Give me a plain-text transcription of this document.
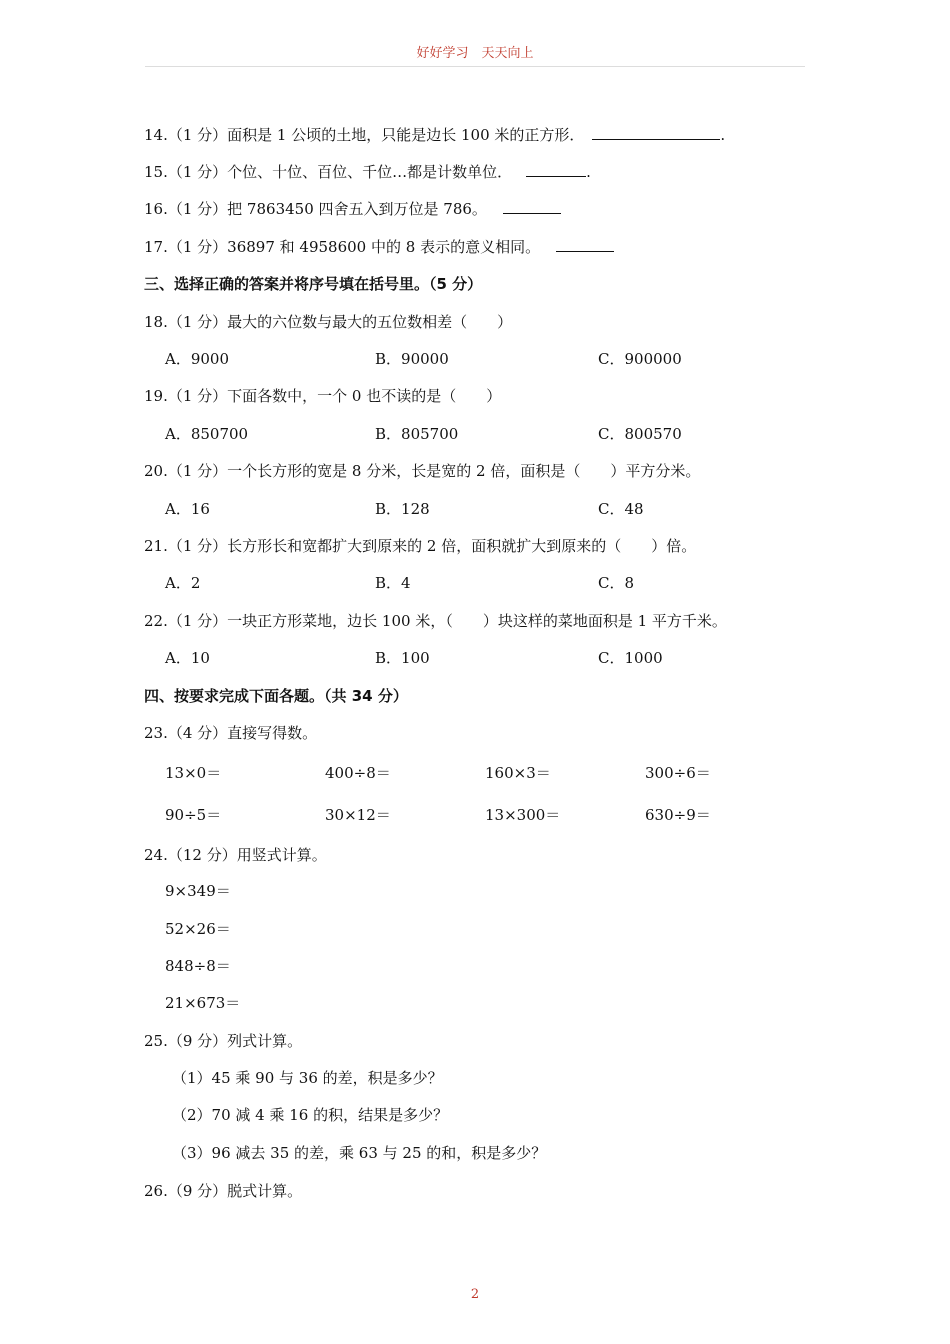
好好学习　天天向上
14.（1 分）面积是 1 公顷的土地，只能是边长 100 米的正方形．	.
15.（1 分）个位、十位、百位、千位…都是计数单位．	.
16.（1 分）把 7863450 四舍五入到万位是 786。
17.（1 分）36897 和 4958600 中的 8 表示的意义相同。
三、选择正确的答案并将序号填在括号里。（5 分）
18.（1 分）最大的六位数与最大的五位数相差（　　）
A．9000	B．90000	C．900000
19.（1 分）下面各数中，一个 0 也不读的是（　　）
A．850700	B．805700	C．800570
20.（1 分）一个长方形的宽是 8 分米，长是宽的 2 倍，面积是（　　）平方分米。
A．16	B．128	C．48
21.（1 分）长方形长和宽都扩大到原来的 2 倍，面积就扩大到原来的（　　）倍。
A．2	B．4	C．8
22.（1 分）一块正方形菜地，边长 100 米，（　　）块这样的菜地面积是 1 平方千米。
A．10	B．100	C．1000
四、按要求完成下面各题。（共 34 分）
23.（4 分）直接写得数。
13×0＝	400÷8＝	160×3＝	300÷6＝
90÷5＝	30×12＝	13×300＝	630÷9＝
24.（12 分）用竖式计算。
9×349＝
52×26＝
848÷8＝
21×673＝
25.（9 分）列式计算。
（1）45 乘 90 与 36 的差，积是多少？
（2）70 减 4 乘 16 的积，结果是多少？
（3）96 减去 35 的差，乘 63 与 25 的和，积是多少？
26.（9 分）脱式计算。
2
